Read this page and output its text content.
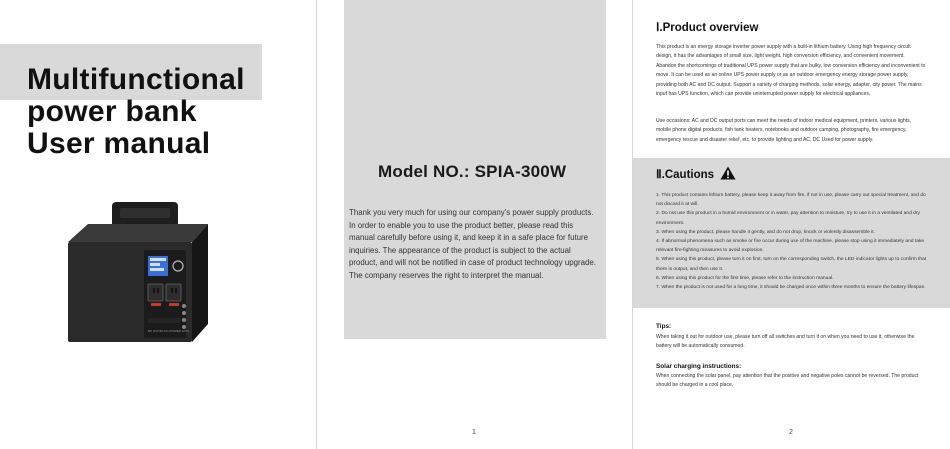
Multifunctional
power bank
User manual
BK 3CP 8C-DC POWER 12V4
Model NO.: SPIA-300W

Thank you very much for using our company's power supply products. In order to enable you to use the product better, please read this manual carefully before using it, and keep it in a safe place for future inquiries. The appearance of the product is subject to the actual product, and will not be notified in case of product technology upgrade. The company reserves the right to interpret the manual.

1
Ⅰ.Product overview

This product is an energy storage inverter power supply with a built-in lithium battery. Using high frequency circuit design, it has the advantages of small size, light weight, high conversion efficiency, and convenient movement. Abandon the shortcomings of traditional UPS power supply that are bulky, low conversion efficiency and inconvenient to move. It can be used as an online UPS power supply or as an outdoor emergency energy storage power supply, providing both AC and DC output. Support a variety of charging methods, solar energy, adapter, city power. The mains input has UPS function, which can provide uninterrupted power supply for electrical appliances.

Use occasions: AC and DC output ports can meet the needs of indoor medical equipment, printers, various lights, mobile phone digital products, fish tank heaters, notebooks and outdoor camping, photography, fire emergency, emergency rescue and disaster relief, etc. to provide lighting and AC, DC Used for power supply.

Ⅱ.Cautions
1. This product contains lithium battery, please keep it away from fire, if not in use, please carry out special treatment, and do not discard it at will.
2. Do not use this product in a humid environment or in water, pay attention to moisture, try to use it in a ventilated and dry environment.
3. When using the product, please handle it gently, and do not drop, knock or violently disassemble it.
4. If abnormal phenomena such as smoke or fire occur during use of the machine, please stop using it immediately and take relevant fire-fighting measures to avoid explosion.
5. When using this product, please turn it on first, turn on the corresponding switch, the LED indicator lights up to confirm that there is output, and then use it.
6. When using this product for the first time, please refer to the instruction manual.
7. When the product is not used for a long time, it should be charged once within three months to ensure the battery lifespan.
Tips:

When taking it out for outdoor use, please turn off all switches and turn it on when you need to use it, otherwise the battery will be automatically consumed.

Solar charging instructions:

When connecting the solar panel, pay attention that the positive and negative poles cannot be reversed. The product should be charged in a cool place.

2
